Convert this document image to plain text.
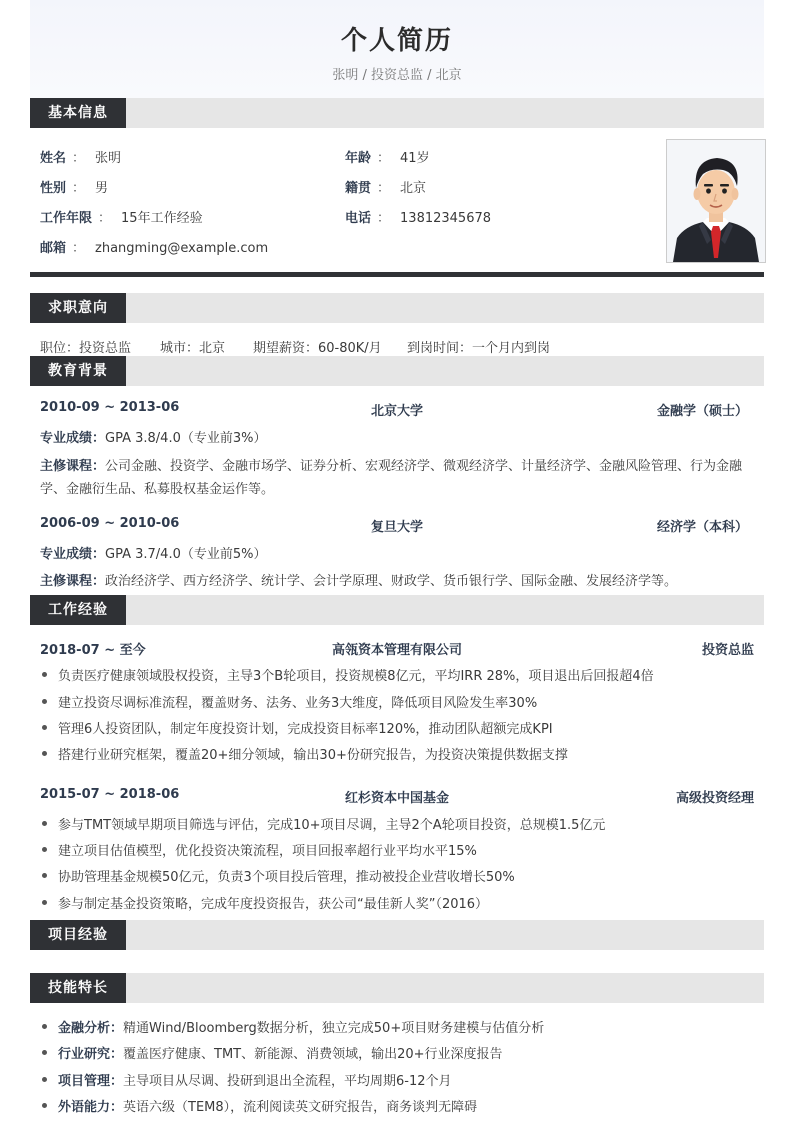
个人简历
张明 / 投资总监 / 北京
基本信息
姓名 ： 张明	年龄 ： 41岁
性别 ： 男	籍贯 ： 北京
工作年限 ： 15年工作经验	电话 ： 13812345678
邮箱 ： zhangming@example.com
求职意向
职位：投资总监 城市：北京 期望薪资：60-80K/月 到岗时间：一个月内到岗
教育背景
2010-09 ~ 2013-06	北京大学	金融学（硕士）
专业成绩：GPA 3.8/4.0（专业前3%）
主修课程：公司金融、投资学、金融市场学、证券分析、宏观经济学、微观经济学、计量经济学、金融风险管理、行为金融
学、金融衍生品、私募股权基金运作等。
2006-09 ~ 2010-06	复旦大学	经济学（本科）
专业成绩：GPA 3.7/4.0（专业前5%）
主修课程：政治经济学、西方经济学、统计学、会计学原理、财政学、货币银行学、国际金融、发展经济学等。
工作经验
2018-07 ~ 至今	高瓴资本管理有限公司	投资总监
负责医疗健康领域股权投资，主导3个B轮项目，投资规模8亿元，平均IRR 28%，项目退出后回报超4倍
建立投资尽调标准流程，覆盖财务、法务、业务3大维度，降低项目风险发生率30%
管理6人投资团队，制定年度投资计划，完成投资目标率120%，推动团队超额完成KPI
搭建行业研究框架，覆盖20+细分领域，输出30+份研究报告，为投资决策提供数据支撑
2015-07 ~ 2018-06	红杉资本中国基金	高级投资经理
参与TMT领域早期项目筛选与评估，完成10+项目尽调，主导2个A轮项目投资，总规模1.5亿元
建立项目估值模型，优化投资决策流程，项目回报率超行业平均水平15%
协助管理基金规模50亿元，负责3个项目投后管理，推动被投企业营收增长50%
参与制定基金投资策略，完成年度投资报告，获公司“最佳新人奖”（2016）
项目经验
技能特长
金融分析：精通Wind/Bloomberg数据分析，独立完成50+项目财务建模与估值分析
行业研究：覆盖医疗健康、TMT、新能源、消费领域，输出20+行业深度报告
项目管理：主导项目从尽调、投研到退出全流程，平均周期6-12个月
外语能力：英语六级（TEM8），流利阅读英文研究报告，商务谈判无障碍
